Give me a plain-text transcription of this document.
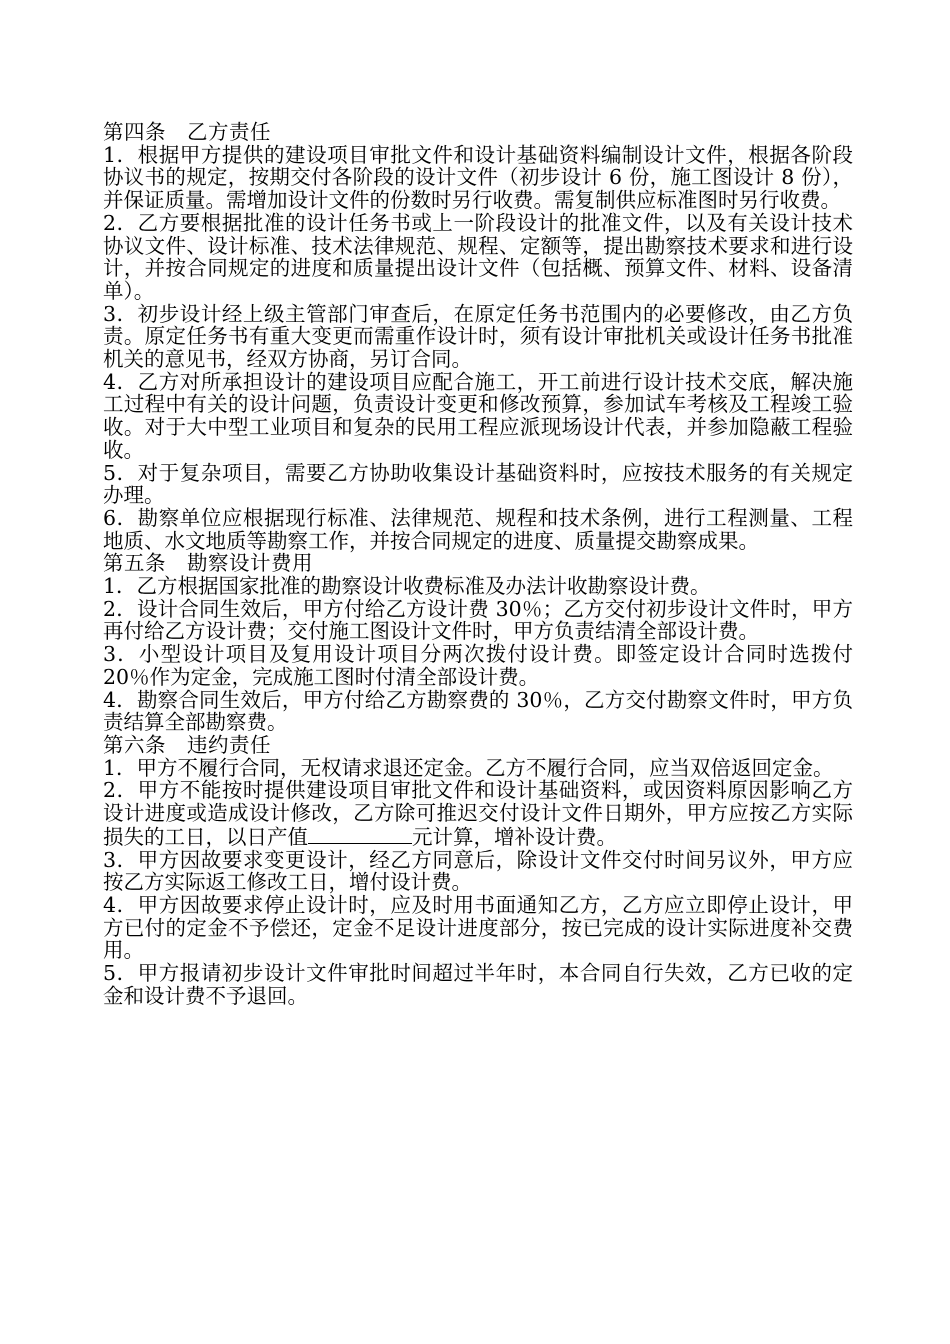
第四条　乙方责任

1．根据甲方提供的建设项目审批文件和设计基础资料编制设计文件，根据各阶段协议书的规定，按期交付各阶段的设计文件（初步设计 6 份，施工图设计 8 份），并保证质量。需增加设计文件的份数时另行收费。需复制供应标准图时另行收费。

2．乙方要根据批准的设计任务书或上一阶段设计的批准文件，以及有关设计技术协议文件、设计标准、技术法律规范、规程、定额等，提出勘察技术要求和进行设计，并按合同规定的进度和质量提出设计文件（包括概、预算文件、材料、设备清单）。

3．初步设计经上级主管部门审查后，在原定任务书范围内的必要修改，由乙方负责。原定任务书有重大变更而需重作设计时，须有设计审批机关或设计任务书批准机关的意见书，经双方协商，另订合同。

4．乙方对所承担设计的建设项目应配合施工，开工前进行设计技术交底，解决施工过程中有关的设计问题，负责设计变更和修改预算，参加试车考核及工程竣工验收。对于大中型工业项目和复杂的民用工程应派现场设计代表，并参加隐蔽工程验收。

5．对于复杂项目，需要乙方协助收集设计基础资料时，应按技术服务的有关规定办理。

6．勘察单位应根据现行标准、法律规范、规程和技术条例，进行工程测量、工程地质、水文地质等勘察工作，并按合同规定的进度、质量提交勘察成果。

第五条　勘察设计费用

1．乙方根据国家批准的勘察设计收费标准及办法计收勘察设计费。

2．设计合同生效后，甲方付给乙方设计费 30％；乙方交付初步设计文件时，甲方再付给乙方设计费；交付施工图设计文件时，甲方负责结清全部设计费。

3．小型设计项目及复用设计项目分两次拨付设计费。即签定设计合同时选拨付 20％作为定金，完成施工图时付清全部设计费。

4．勘察合同生效后，甲方付给乙方勘察费的 30％，乙方交付勘察文件时，甲方负责结算全部勘察费。

第六条　违约责任

1．甲方不履行合同，无权请求退还定金。乙方不履行合同，应当双倍返回定金。

2．甲方不能按时提供建设项目审批文件和设计基础资料，或因资料原因影响乙方设计进度或造成设计修改，乙方除可推迟交付设计文件日期外，甲方应按乙方实际损失的工日，以日产值	元计算，增补设计费。

3．甲方因故要求变更设计，经乙方同意后，除设计文件交付时间另议外，甲方应按乙方实际返工修改工日，增付设计费。

4．甲方因故要求停止设计时，应及时用书面通知乙方，乙方应立即停止设计，甲方已付的定金不予偿还，定金不足设计进度部分，按已完成的设计实际进度补交费用。

5．甲方报请初步设计文件审批时间超过半年时，本合同自行失效，乙方已收的定金和设计费不予退回。
